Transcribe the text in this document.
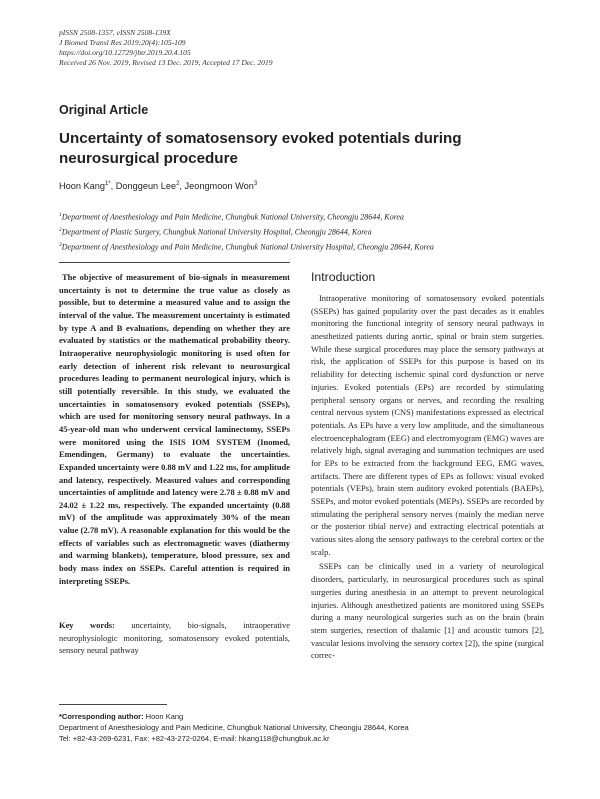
pISSN 2508-1357, eISSN 2508-139X
J Biomed Transl Res 2019;20(4):105-109
https://doi.org/10.12729/jbtr.2019.20.4.105
Received 26 Nov. 2019, Revised 13 Dec. 2019, Accepted 17 Dec. 2019
Original Article
Uncertainty of somatosensory evoked potentials during neurosurgical procedure
Hoon Kang$^{1*}$, Donggeun Lee$^2$, Jeongmoon Won$^3$
$^1$Department of Anesthesiology and Pain Medicine, Chungbuk National University, Cheongju 28644, Korea
$^2$Department of Plastic Surgery, Chungbuk National University Hospital, Cheongju 28644, Korea
$^3$Department of Anesthesiology and Pain Medicine, Chungbuk National University Hospital, Cheongju 28644, Korea

The objective of measurement of bio-signals in measurement uncertainty is not to determine the true value as closely as possible, but to determine a measured value and to assign the interval of the value. The measurement uncertainty is estimated by type A and B evaluations, depending on whether they are evaluated by statistics or the mathematical probability theory. Intraoperative neurophysiologic monitoring is used often for early detection of inherent risk relevant to neurosurgical procedures leading to permanent neurological injury, which is still potentially reversible. In this study, we evaluated the uncertainties in somatosensory evoked potentials (SSEPs), which are used for monitoring sensory neural pathways. In a 45-year-old man who underwent cervical laminectomy, SSEPs were monitored using the ISIS IOM SYSTEM (Inomed, Emendingen, Germany) to evaluate the uncertainties. Expanded uncertainty were 0.88 mV and 1.22 ms, for amplitude and latency, respectively. Measured values and corresponding uncertainties of amplitude and latency were 2.78 ± 0.88 mV and 24.02 ± 1.22 ms, respectively. The expanded uncertainty (0.88 mV) of the amplitude was approximately 30% of the mean value (2.78 mV). A reasonable explanation for this would be the effects of variables such as electromagnetic waves (diathermy and warming blankets), temperature, blood pressure, sex and body mass index on SSEPs. Careful attention is required in interpreting SSEPs.

Key words: uncertainty, bio-signals, intraoperative neurophysiologic monitoring, somatosensory evoked potentials, sensory neural pathway
Introduction

Intraoperative monitoring of somatosensory evoked potentials (SSEPs) has gained popularity over the past decades as it enables monitoring the functional integrity of sensory neural pathways in anesthetized patients during aortic, spinal or brain stem surgeries. While these surgical procedures may place the sensory pathways at risk, the application of SSEPs for this purpose is based on its reliability for detecting ischemic spinal cord dysfunction or nerve injuries. Evoked potentials (EPs) are recorded by stimulating peripheral sensory organs or nerves, and recording the resulting central nervous system (CNS) manifestations expressed as electrical potentials. As EPs have a very low amplitude, and the simultaneous electroencephalogram (EEG) and electromyogram (EMG) waves are relatively high, signal averaging and summation techniques are used for EPs to be extracted from the background EEG, EMG waves, artifacts. There are different types of EPs as follows: visual evoked potentials (VEPs), brain stem auditory evoked potentials (BAEPs), SSEPs, and motor evoked potentials (MEPs). SSEPs are recorded by stimulating the peripheral sensory nerves (mainly the median nerve or the posterior tibial nerve) and extracting electrical potentials at various sites along the sensory pathways to the cerebral cortex or the scalp.

SSEPs can be clinically used in a variety of neurological disorders, particularly, in neurosurgical procedures such as spinal surgeries during anesthesia in an attempt to prevent neurological injuries. Although anesthetized patients are monitored using SSEPs during a many neurological surgeries such as on the brain (brain stem surgeries, resection of thalamic [1] and acoustic tumors [2], vascular lesions involving the sensory cortex [2]), the spine (surgical correc-

*Corresponding author: Hoon Kang
Department of Anesthesiology and Pain Medicine, Chungbuk National University, Cheongju 28644, Korea
Tel: +82-43-269-6231, Fax: +82-43-272-0264, E-mail: hkang118@chungbuk.ac.kr
